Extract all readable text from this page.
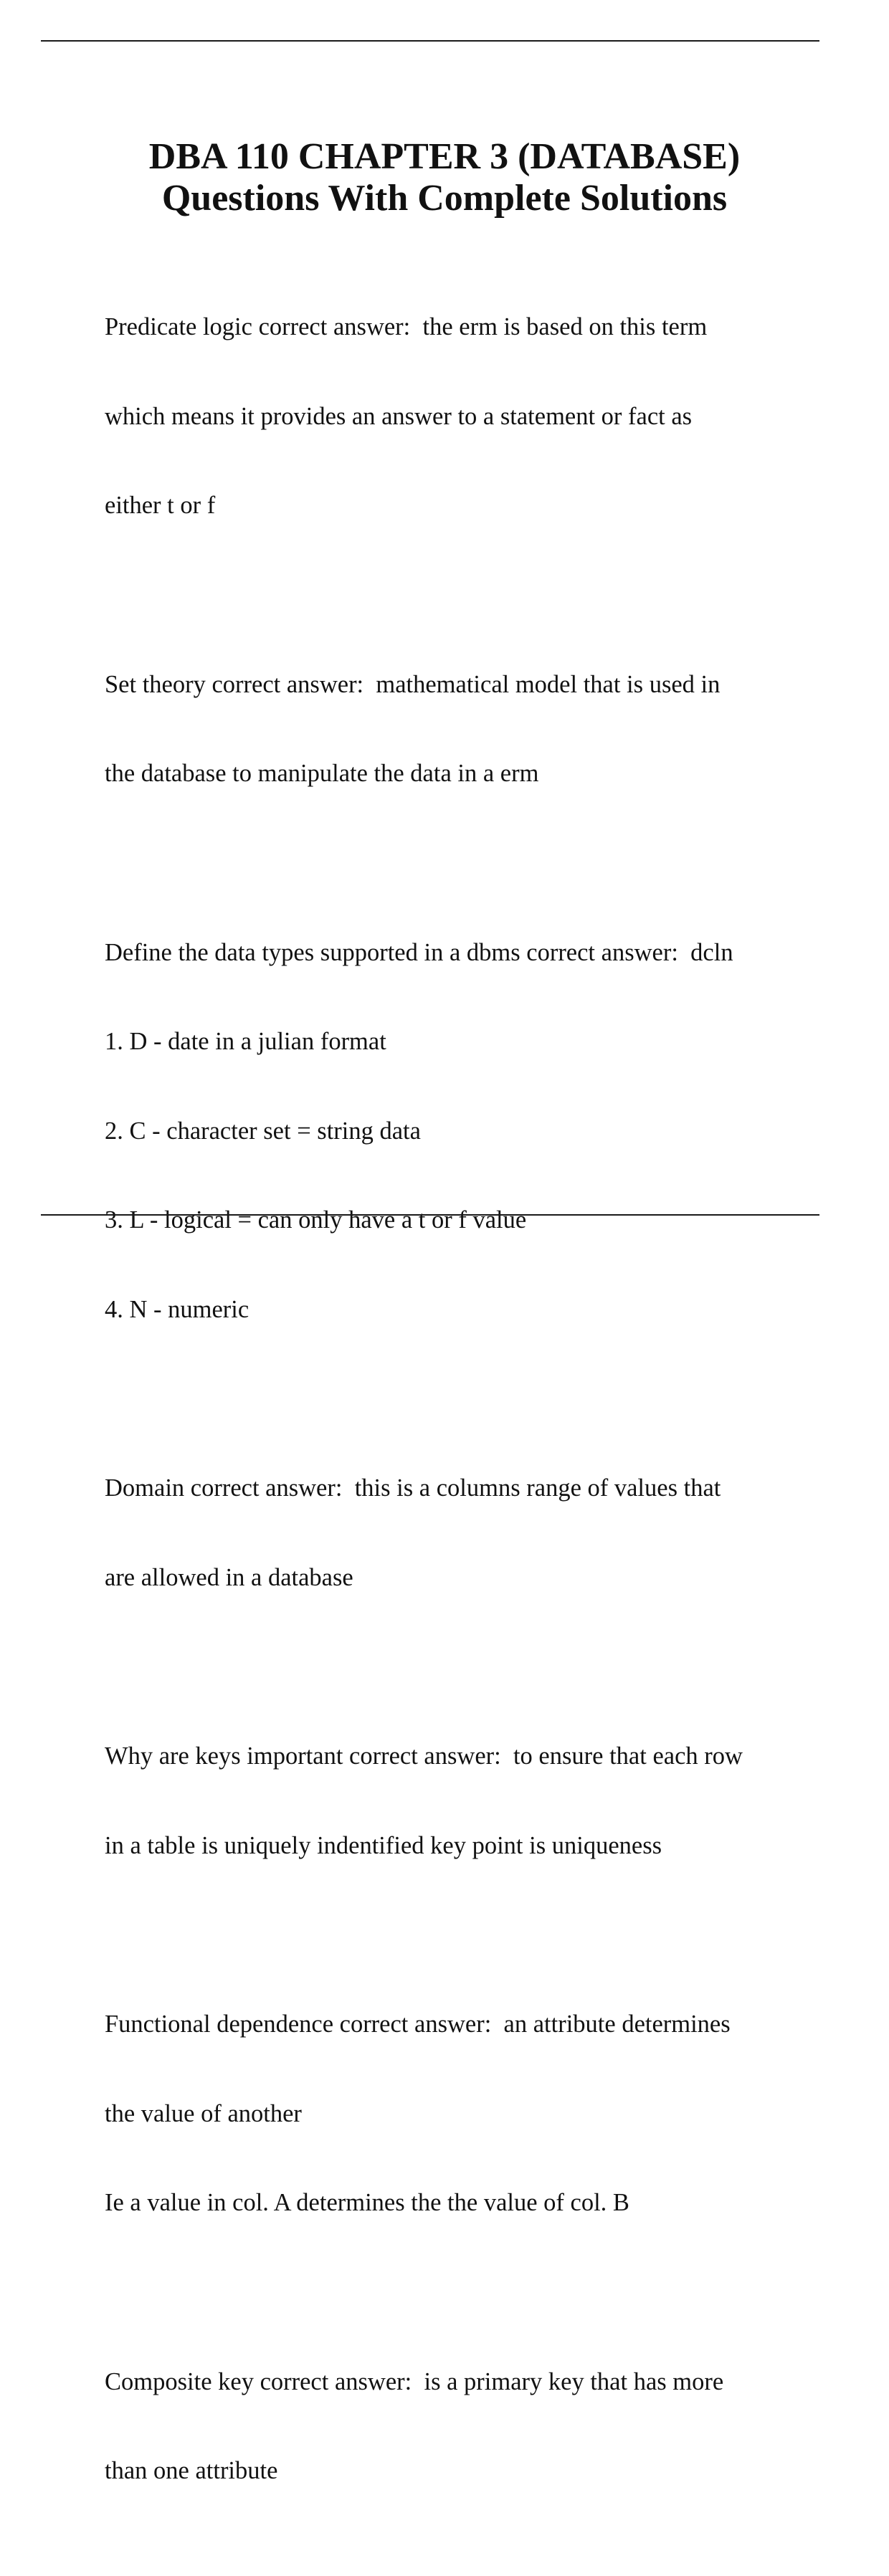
DBA 110 CHAPTER 3 (DATABASE)
Questions With Complete Solutions

Predicate logic correct answer:  the erm is based on this term

which means it provides an answer to a statement or fact as

either t or f

Set theory correct answer:  mathematical model that is used in

the database to manipulate the data in a erm

Define the data types supported in a dbms correct answer:  dcln

1. D - date in a julian format

2. C - character set = string data

3. L - logical = can only have a t or f value

4. N - numeric

Domain correct answer:  this is a columns range of values that

are allowed in a database

Why are keys important correct answer:  to ensure that each row

in a table is uniquely indentified key point is uniqueness

Functional dependence correct answer:  an attribute determines

the value of another

Ie a value in col. A determines the the value of col. B

Composite key correct answer:  is a primary key that has more

than one attribute
